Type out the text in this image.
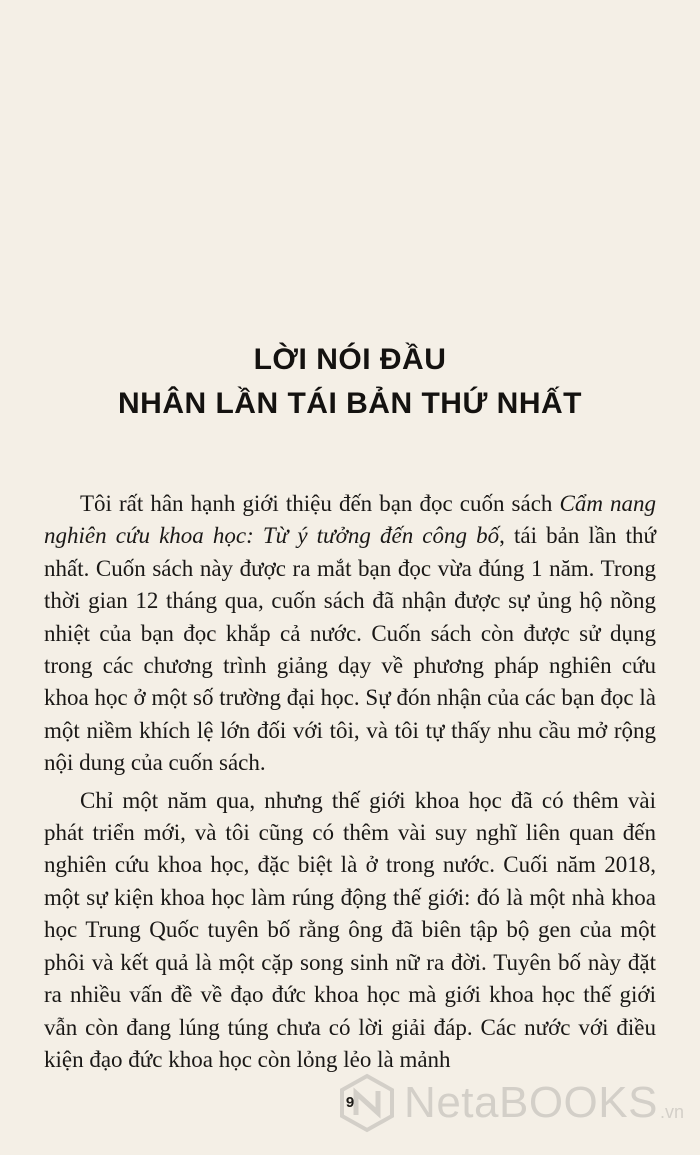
LỜI NÓI ĐẦU
NHÂN LẦN TÁI BẢN THỨ NHẤT

Tôi rất hân hạnh giới thiệu đến bạn đọc cuốn sách Cẩm nang nghiên cứu khoa học: Từ ý tưởng đến công bố, tái bản lần thứ nhất. Cuốn sách này được ra mắt bạn đọc vừa đúng 1 năm. Trong thời gian 12 tháng qua, cuốn sách đã nhận được sự ủng hộ nồng nhiệt của bạn đọc khắp cả nước. Cuốn sách còn được sử dụng trong các chương trình giảng dạy về phương pháp nghiên cứu khoa học ở một số trường đại học. Sự đón nhận của các bạn đọc là một niềm khích lệ lớn đối với tôi, và tôi tự thấy nhu cầu mở rộng nội dung của cuốn sách.

Chỉ một năm qua, nhưng thế giới khoa học đã có thêm vài phát triển mới, và tôi cũng có thêm vài suy nghĩ liên quan đến nghiên cứu khoa học, đặc biệt là ở trong nước. Cuối năm 2018, một sự kiện khoa học làm rúng động thế giới: đó là một nhà khoa học Trung Quốc tuyên bố rằng ông đã biên tập bộ gen của một phôi và kết quả là một cặp song sinh nữ ra đời. Tuyên bố này đặt ra nhiều vấn đề về đạo đức khoa học mà giới khoa học thế giới vẫn còn đang lúng túng chưa có lời giải đáp. Các nước với điều kiện đạo đức khoa học còn lỏng lẻo là mảnh

9	NetaBOOKS .vn
